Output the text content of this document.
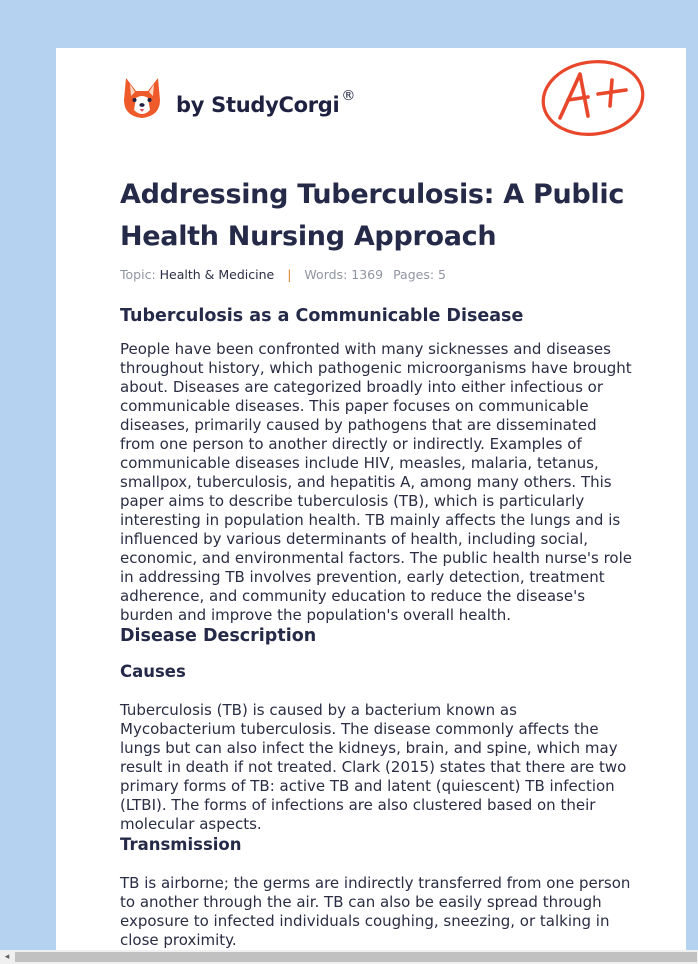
by StudyCorgi ®
Addressing Tuberculosis: A Public Health Nursing Approach
Topic: Health & Medicine | Words: 1369 Pages: 5
Tuberculosis as a Communicable Disease

People have been confronted with many sicknesses and diseases throughout history, which pathogenic microorganisms have brought about. Diseases are categorized broadly into either infectious or communicable diseases. This paper focuses on communicable diseases, primarily caused by pathogens that are disseminated from one person to another directly or indirectly. Examples of communicable diseases include HIV, measles, malaria, tetanus, smallpox, tuberculosis, and hepatitis A, among many others. This paper aims to describe tuberculosis (TB), which is particularly interesting in population health. TB mainly affects the lungs and is influenced by various determinants of health, including social, economic, and environmental factors. The public health nurse's role in addressing TB involves prevention, early detection, treatment adherence, and community education to reduce the disease's burden and improve the population's overall health.

Disease Description
Causes

Tuberculosis (TB) is caused by a bacterium known as Mycobacterium tuberculosis. The disease commonly affects the lungs but can also infect the kidneys, brain, and spine, which may result in death if not treated. Clark (2015) states that there are two primary forms of TB: active TB and latent (quiescent) TB infection (LTBI). The forms of infections are also clustered based on their molecular aspects.

Transmission

TB is airborne; the germs are indirectly transferred from one person to another through the air. TB can also be easily spread through exposure to infected individuals coughing, sneezing, or talking in close proximity.

◂
